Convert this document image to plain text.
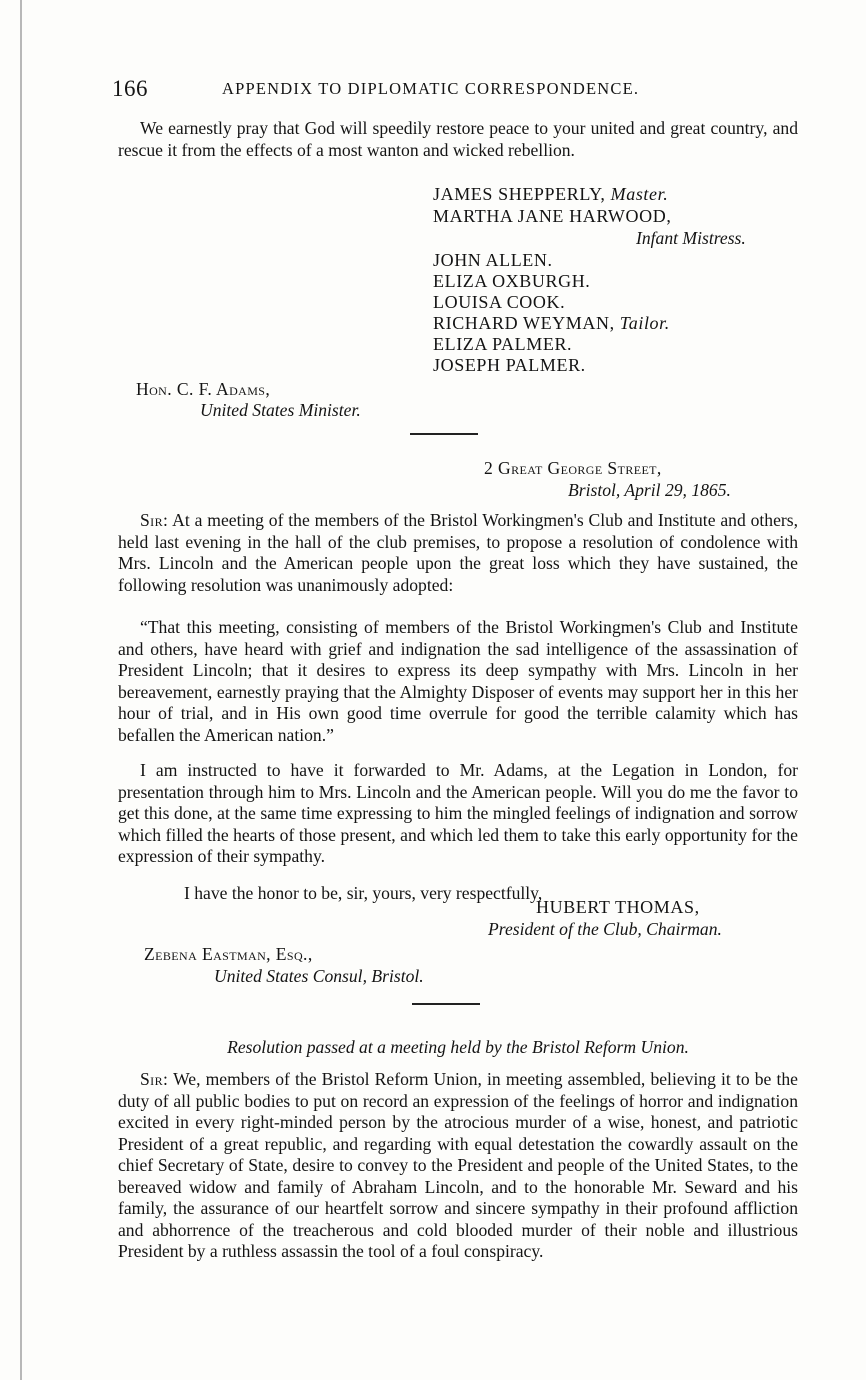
166	APPENDIX TO DIPLOMATIC CORRESPONDENCE.

We earnestly pray that God will speedily restore peace to your united and great country, and rescue it from the effects of a most wanton and wicked rebellion.

JAMES SHEPPERLY, Master.
MARTHA JANE HARWOOD,
Infant Mistress.
JOHN ALLEN.
ELIZA OXBURGH.
LOUISA COOK.
RICHARD WEYMAN, Tailor.
ELIZA PALMER.
JOSEPH PALMER.
Hon. C. F. Adams,
United States Minister.
2 Great George Street,
Bristol, April 29, 1865.

Sir: At a meeting of the members of the Bristol Workingmen's Club and Institute and others, held last evening in the hall of the club premises, to propose a resolution of condolence with Mrs. Lincoln and the American people upon the great loss which they have sustained, the following resolution was unanimously adopted:

“That this meeting, consisting of members of the Bristol Workingmen's Club and Institute and others, have heard with grief and indignation the sad intelligence of the assassination of President Lincoln; that it desires to express its deep sympathy with Mrs. Lincoln in her bereavement, earnestly praying that the Almighty Disposer of events may support her in this her hour of trial, and in His own good time overrule for good the terrible calamity which has befallen the American nation.”

I am instructed to have it forwarded to Mr. Adams, at the Legation in London, for presentation through him to Mrs. Lincoln and the American people. Will you do me the favor to get this done, at the same time expressing to him the mingled feelings of indignation and sorrow which filled the hearts of those present, and which led them to take this early opportunity for the expression of their sympathy.

I have the honor to be, sir, yours, very respectfully,
HUBERT THOMAS,
President of the Club, Chairman.
Zebena Eastman, Esq.,
United States Consul, Bristol.
Resolution passed at a meeting held by the Bristol Reform Union.

Sir: We, members of the Bristol Reform Union, in meeting assembled, believing it to be the duty of all public bodies to put on record an expression of the feelings of horror and indignation excited in every right-minded person by the atrocious murder of a wise, honest, and patriotic President of a great republic, and regarding with equal detestation the cowardly assault on the chief Secretary of State, desire to convey to the President and people of the United States, to the bereaved widow and family of Abraham Lincoln, and to the honorable Mr. Seward and his family, the assurance of our heartfelt sorrow and sincere sympathy in their profound affliction and abhorrence of the treacherous and cold blooded murder of their noble and illustrious President by a ruthless assassin the tool of a foul conspiracy.
